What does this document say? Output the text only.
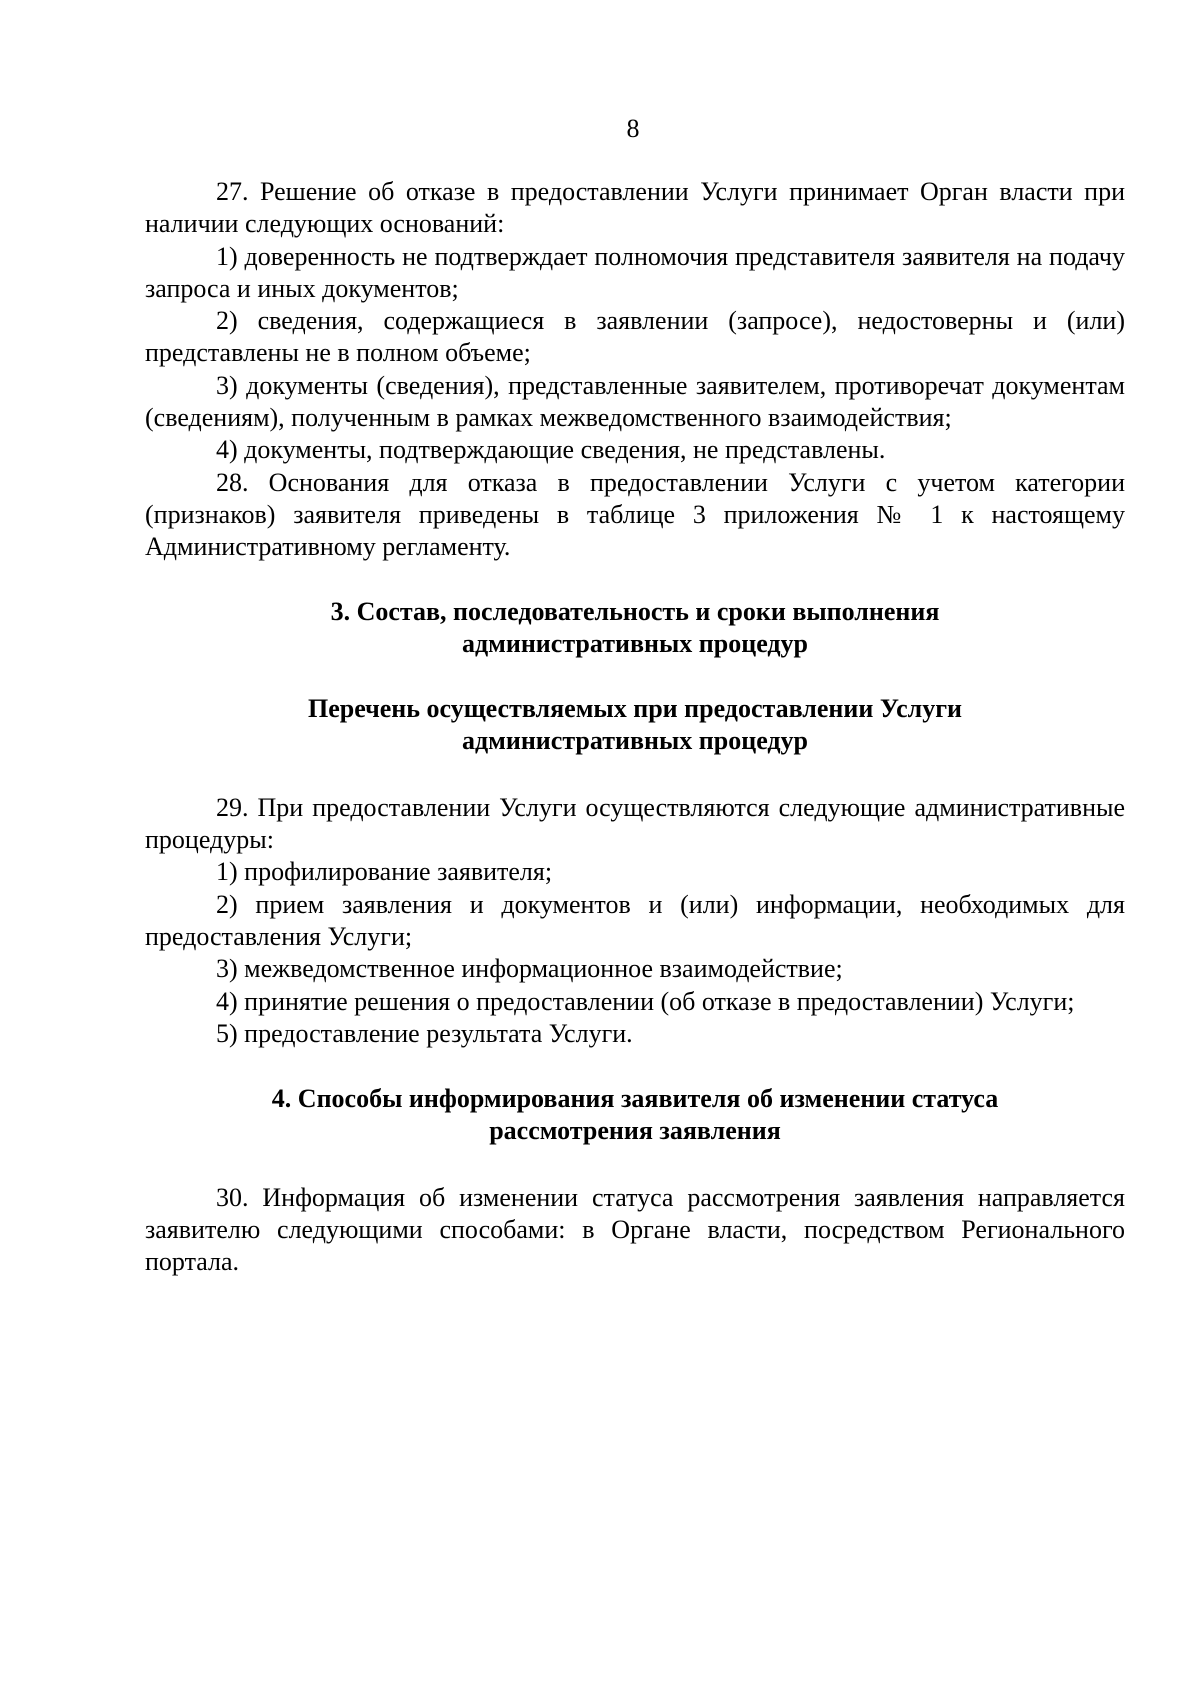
8

27. Решение об отказе в предоставлении Услуги принимает Орган власти при наличии следующих оснований:

1) доверенность не подтверждает полномочия представителя заявителя на подачу запроса и иных документов;

2) сведения, содержащиеся в заявлении (запросе), недостоверны и (или) представлены не в полном объеме;

3) документы (сведения), представленные заявителем, противоречат документам (сведениям), полученным в рамках межведомственного взаимодействия;

4) документы, подтверждающие сведения, не представлены.

28. Основания для отказа в предоставлении Услуги с учетом категории (признаков) заявителя приведены в таблице 3 приложения № 1 к настоящему Административному регламенту.

3. Состав, последовательность и сроки выполнения
административных процедур
Перечень осуществляемых при предоставлении Услуги
административных процедур

29. При предоставлении Услуги осуществляются следующие административные процедуры:

1) профилирование заявителя;

2) прием заявления и документов и (или) информации, необходимых для предоставления Услуги;

3) межведомственное информационное взаимодействие;

4) принятие решения о предоставлении (об отказе в предоставлении) Услуги;

5) предоставление результата Услуги.

4. Способы информирования заявителя об изменении статуса
рассмотрения заявления

30. Информация об изменении статуса рассмотрения заявления направляется заявителю следующими способами: в Органе власти, посредством Регионального портала.
